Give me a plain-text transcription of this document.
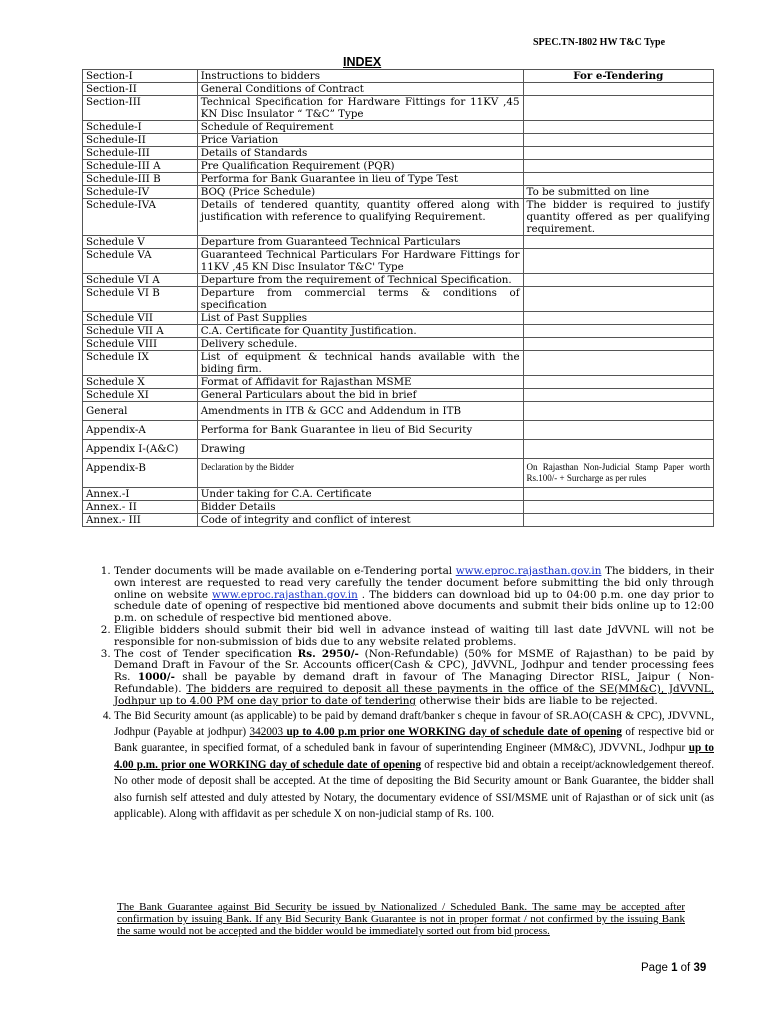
SPEC.TN-I802 HW T&C Type
INDEX
Section-I	Instructions to bidders	For e-Tendering
Section-II	General Conditions of Contract	
Section-III	Technical Specification for Hardware Fittings for 11KV ,45 KN Disc Insulator “ T&C” Type	
Schedule-I	Schedule of Requirement	
Schedule-II	Price Variation	
Schedule-III	Details of Standards	
Schedule-III A	Pre Qualification Requirement (PQR)	
Schedule-III B	Performa for Bank Guarantee in lieu of Type Test	
Schedule-IV	BOQ (Price Schedule)	To be submitted on line
Schedule-IVA	Details of tendered quantity, quantity offered along with justification with reference to qualifying Requirement.	The bidder is required to justify quantity offered as per qualifying requirement.
Schedule V	Departure from Guaranteed Technical Particulars	
Schedule VA	Guaranteed Technical Particulars For Hardware Fittings for 11KV ,45 KN Disc Insulator T&C' Type	
Schedule VI A	Departure from the requirement of Technical Specification.	
Schedule VI B	Departure from commercial terms & conditions of specification	
Schedule VII	List of Past Supplies	
Schedule VII A	C.A. Certificate for Quantity Justification.	
Schedule VIII	Delivery schedule.	
Schedule IX	List of equipment & technical hands available with the biding firm.	
Schedule X	Format of Affidavit for Rajasthan MSME	
Schedule XI	General Particulars about the bid in brief	
General	Amendments in ITB & GCC and Addendum in ITB	
Appendix-A	Performa for Bank Guarantee in lieu of Bid Security	
Appendix I-(A&C)	Drawing	
Appendix-B	Declaration by the Bidder	On Rajasthan Non-Judicial Stamp Paper worth Rs.100/- + Surcharge as per rules
Annex.-I	Under taking for C.A. Certificate	
Annex.- II	Bidder Details	
Annex.- III	Code of integrity and conflict of interest	
1. Tender documents will be made available on e-Tendering portal www.eproc.rajasthan.gov.in The bidders, in their own interest are requested to read very carefully the tender document before submitting the bid only through online on website www.eproc.rajasthan.gov.in . The bidders can download bid up to 04:00 p.m. one day prior to schedule date of opening of respective bid mentioned above documents and submit their bids online up to 12:00 p.m. on schedule of respective bid mentioned above.
2. Eligible bidders should submit their bid well in advance instead of waiting till last date JdVVNL will not be responsible for non-submission of bids due to any website related problems.
3. The cost of Tender specification Rs. 2950/- (Non-Refundable) (50% for MSME of Rajasthan) to be paid by Demand Draft in Favour of the Sr. Accounts officer(Cash & CPC), JdVVNL, Jodhpur and tender processing fees Rs. 1000/- shall be payable by demand draft in favour of The Managing Director RISL, Jaipur ( Non- Refundable). The bidders are required to deposit all these payments in the office of the SE(MM&C), JdVVNL, Jodhpur up to 4.00 PM one day prior to date of tendering otherwise their bids are liable to be rejected.
4. The Bid Security amount (as applicable) to be paid by demand draft/banker s cheque in favour of SR.AO(CASH & CPC), JDVVNL, Jodhpur (Payable at jodhpur) 342003 up to 4.00 p.m prior one WORKING day of schedule date of opening of respective bid or Bank guarantee, in specified format, of a scheduled bank in favour of superintending Engineer (MM&C), JDVVNL, Jodhpur up to 4.00 p.m. prior one WORKING day of schedule date of opening of respective bid and obtain a receipt/acknowledgement thereof. No other mode of deposit shall be accepted. At the time of depositing the Bid Security amount or Bank Guarantee, the bidder shall also furnish self attested and duly attested by Notary, the documentary evidence of SSI/MSME unit of Rajasthan or of sick unit (as applicable). Along with affidavit as per schedule X on non-judicial stamp of Rs. 100.
The Bank Guarantee against Bid Security be issued by Nationalized / Scheduled Bank. The same may be accepted after confirmation by issuing Bank. If any Bid Security Bank Guarantee is not in proper format / not confirmed by the issuing Bank the same would not be accepted and the bidder would be immediately sorted out from bid process.
Page 1 of 39
